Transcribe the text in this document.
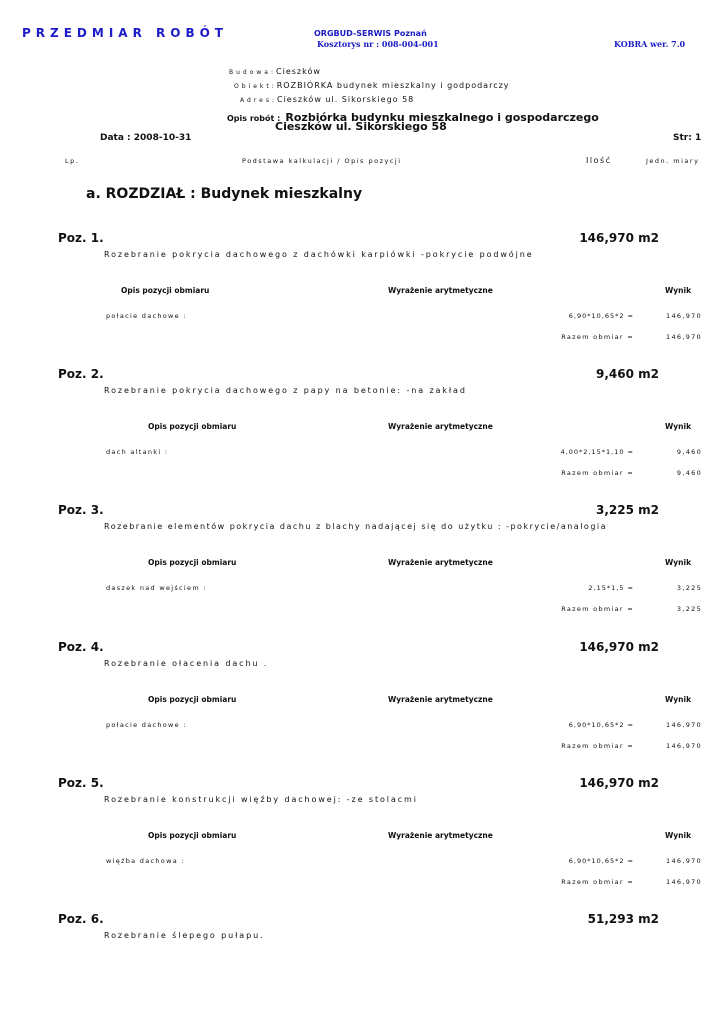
PRZEDMIAR ROBÓT	ORGBUD-SERWIS Poznań
Kosztorys nr : 008-004-001	KOBRA wer. 7.0
Budowa:Cieszków
Obiekt:ROZBIÓRKA budynek mieszkalny i godpodarczy
Adres:Cieszków ul. Sikorskiego 58
Opis robót : Rozbiórka budynku mieszkalnego i gospodarczego
Cieszków ul. Sikorskiego 58
Data : 2008-10-31	Str: 1
Lp.	Podstawa kalkulacji / Opis pozycji	Ilość	Jedn. miary
a. ROZDZIAŁ : Budynek mieszkalny
Poz. 1.	146,970 m2
Rozebranie pokrycia dachowego z dachówki karpiówki -pokrycie podwójne
Opis pozycji obmiaru	Wyrażenie arytmetyczne	Wynik
połacie dachowe :	6,90*10,65*2 =	146,970
Razem obmiar =	146,970
Poz. 2.	9,460 m2
Rozebranie pokrycia dachowego z papy na betonie: -na zakład
Opis pozycji obmiaru	Wyrażenie arytmetyczne	Wynik
dach altanki :	4,00*2,15*1,10 =	9,460
Razem obmiar =	9,460
Poz. 3.	3,225 m2
Rozebranie elementów pokrycia dachu z blachy nadającej się do użytku : -pokrycie/analogia
Opis pozycji obmiaru	Wyrażenie arytmetyczne	Wynik
daszek nad wejściem :	2,15*1,5 =	3,225
Razem obmiar =	3,225
Poz. 4.	146,970 m2
Rozebranie ołacenia dachu .
Opis pozycji obmiaru	Wyrażenie arytmetyczne	Wynik
połacie dachowe :	6,90*10,65*2 =	146,970
Razem obmiar =	146,970
Poz. 5.	146,970 m2
Rozebranie konstrukcji więźby dachowej: -ze stolacmi
Opis pozycji obmiaru	Wyrażenie arytmetyczne	Wynik
więźba dachowa :	6,90*10,65*2 =	146,970
Razem obmiar =	146,970
Poz. 6.	51,293 m2
Rozebranie ślepego pułapu.
